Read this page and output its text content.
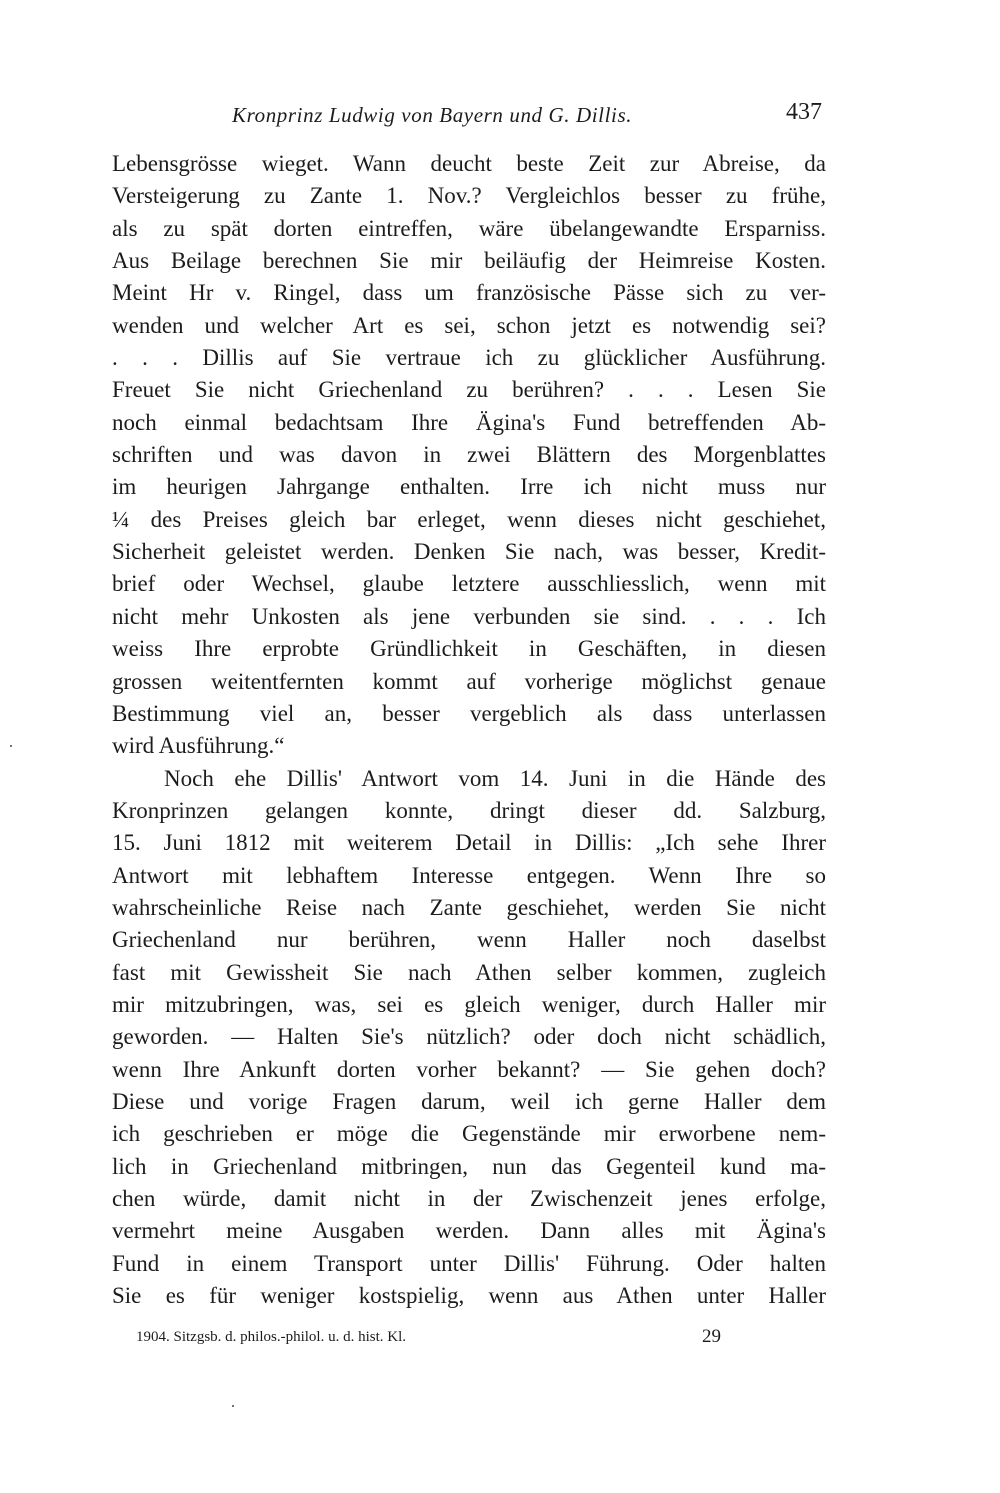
Kronprinz Ludwig von Bayern und G. Dillis.	437
Lebensgrösse wieget. Wann deucht beste Zeit zur Abreise, da
Versteigerung zu Zante 1. Nov.? Vergleichlos besser zu frühe,
als zu spät dorten eintreffen, wäre übelangewandte Ersparniss.
Aus Beilage berechnen Sie mir beiläufig der Heimreise Kosten.
Meint Hr v. Ringel, dass um französische Pässe sich zu ver-
wenden und welcher Art es sei, schon jetzt es notwendig sei?
. . . Dillis auf Sie vertraue ich zu glücklicher Ausführung.
Freuet Sie nicht Griechenland zu berühren? . . . Lesen Sie
noch einmal bedachtsam Ihre Ägina's Fund betreffenden Ab-
schriften und was davon in zwei Blättern des Morgenblattes
im heurigen Jahrgange enthalten. Irre ich nicht muss nur
¼ des Preises gleich bar erleget, wenn dieses nicht geschiehet,
Sicherheit geleistet werden. Denken Sie nach, was besser, Kredit-
brief oder Wechsel, glaube letztere ausschliesslich, wenn mit
nicht mehr Unkosten als jene verbunden sie sind. . . . Ich
weiss Ihre erprobte Gründlichkeit in Geschäften, in diesen
grossen weitentfernten kommt auf vorherige möglichst genaue
Bestimmung viel an, besser vergeblich als dass unterlassen
wird Ausführung.“
Noch ehe Dillis' Antwort vom 14. Juni in die Hände des
Kronprinzen gelangen konnte, dringt dieser dd. Salzburg,
15. Juni 1812 mit weiterem Detail in Dillis: „Ich sehe Ihrer
Antwort mit lebhaftem Interesse entgegen. Wenn Ihre so
wahrscheinliche Reise nach Zante geschiehet, werden Sie nicht
Griechenland nur berühren, wenn Haller noch daselbst
fast mit Gewissheit Sie nach Athen selber kommen, zugleich
mir mitzubringen, was, sei es gleich weniger, durch Haller mir
geworden. — Halten Sie's nützlich? oder doch nicht schädlich,
wenn Ihre Ankunft dorten vorher bekannt? — Sie gehen doch?
Diese und vorige Fragen darum, weil ich gerne Haller dem
ich geschrieben er möge die Gegenstände mir erworbene nem-
lich in Griechenland mitbringen, nun das Gegenteil kund ma-
chen würde, damit nicht in der Zwischenzeit jenes erfolge,
vermehrt meine Ausgaben werden. Dann alles mit Ägina's
Fund in einem Transport unter Dillis' Führung. Oder halten
Sie es für weniger kostspielig, wenn aus Athen unter Haller
1904. Sitzgsb. d. philos.-philol. u. d. hist. Kl.	29
